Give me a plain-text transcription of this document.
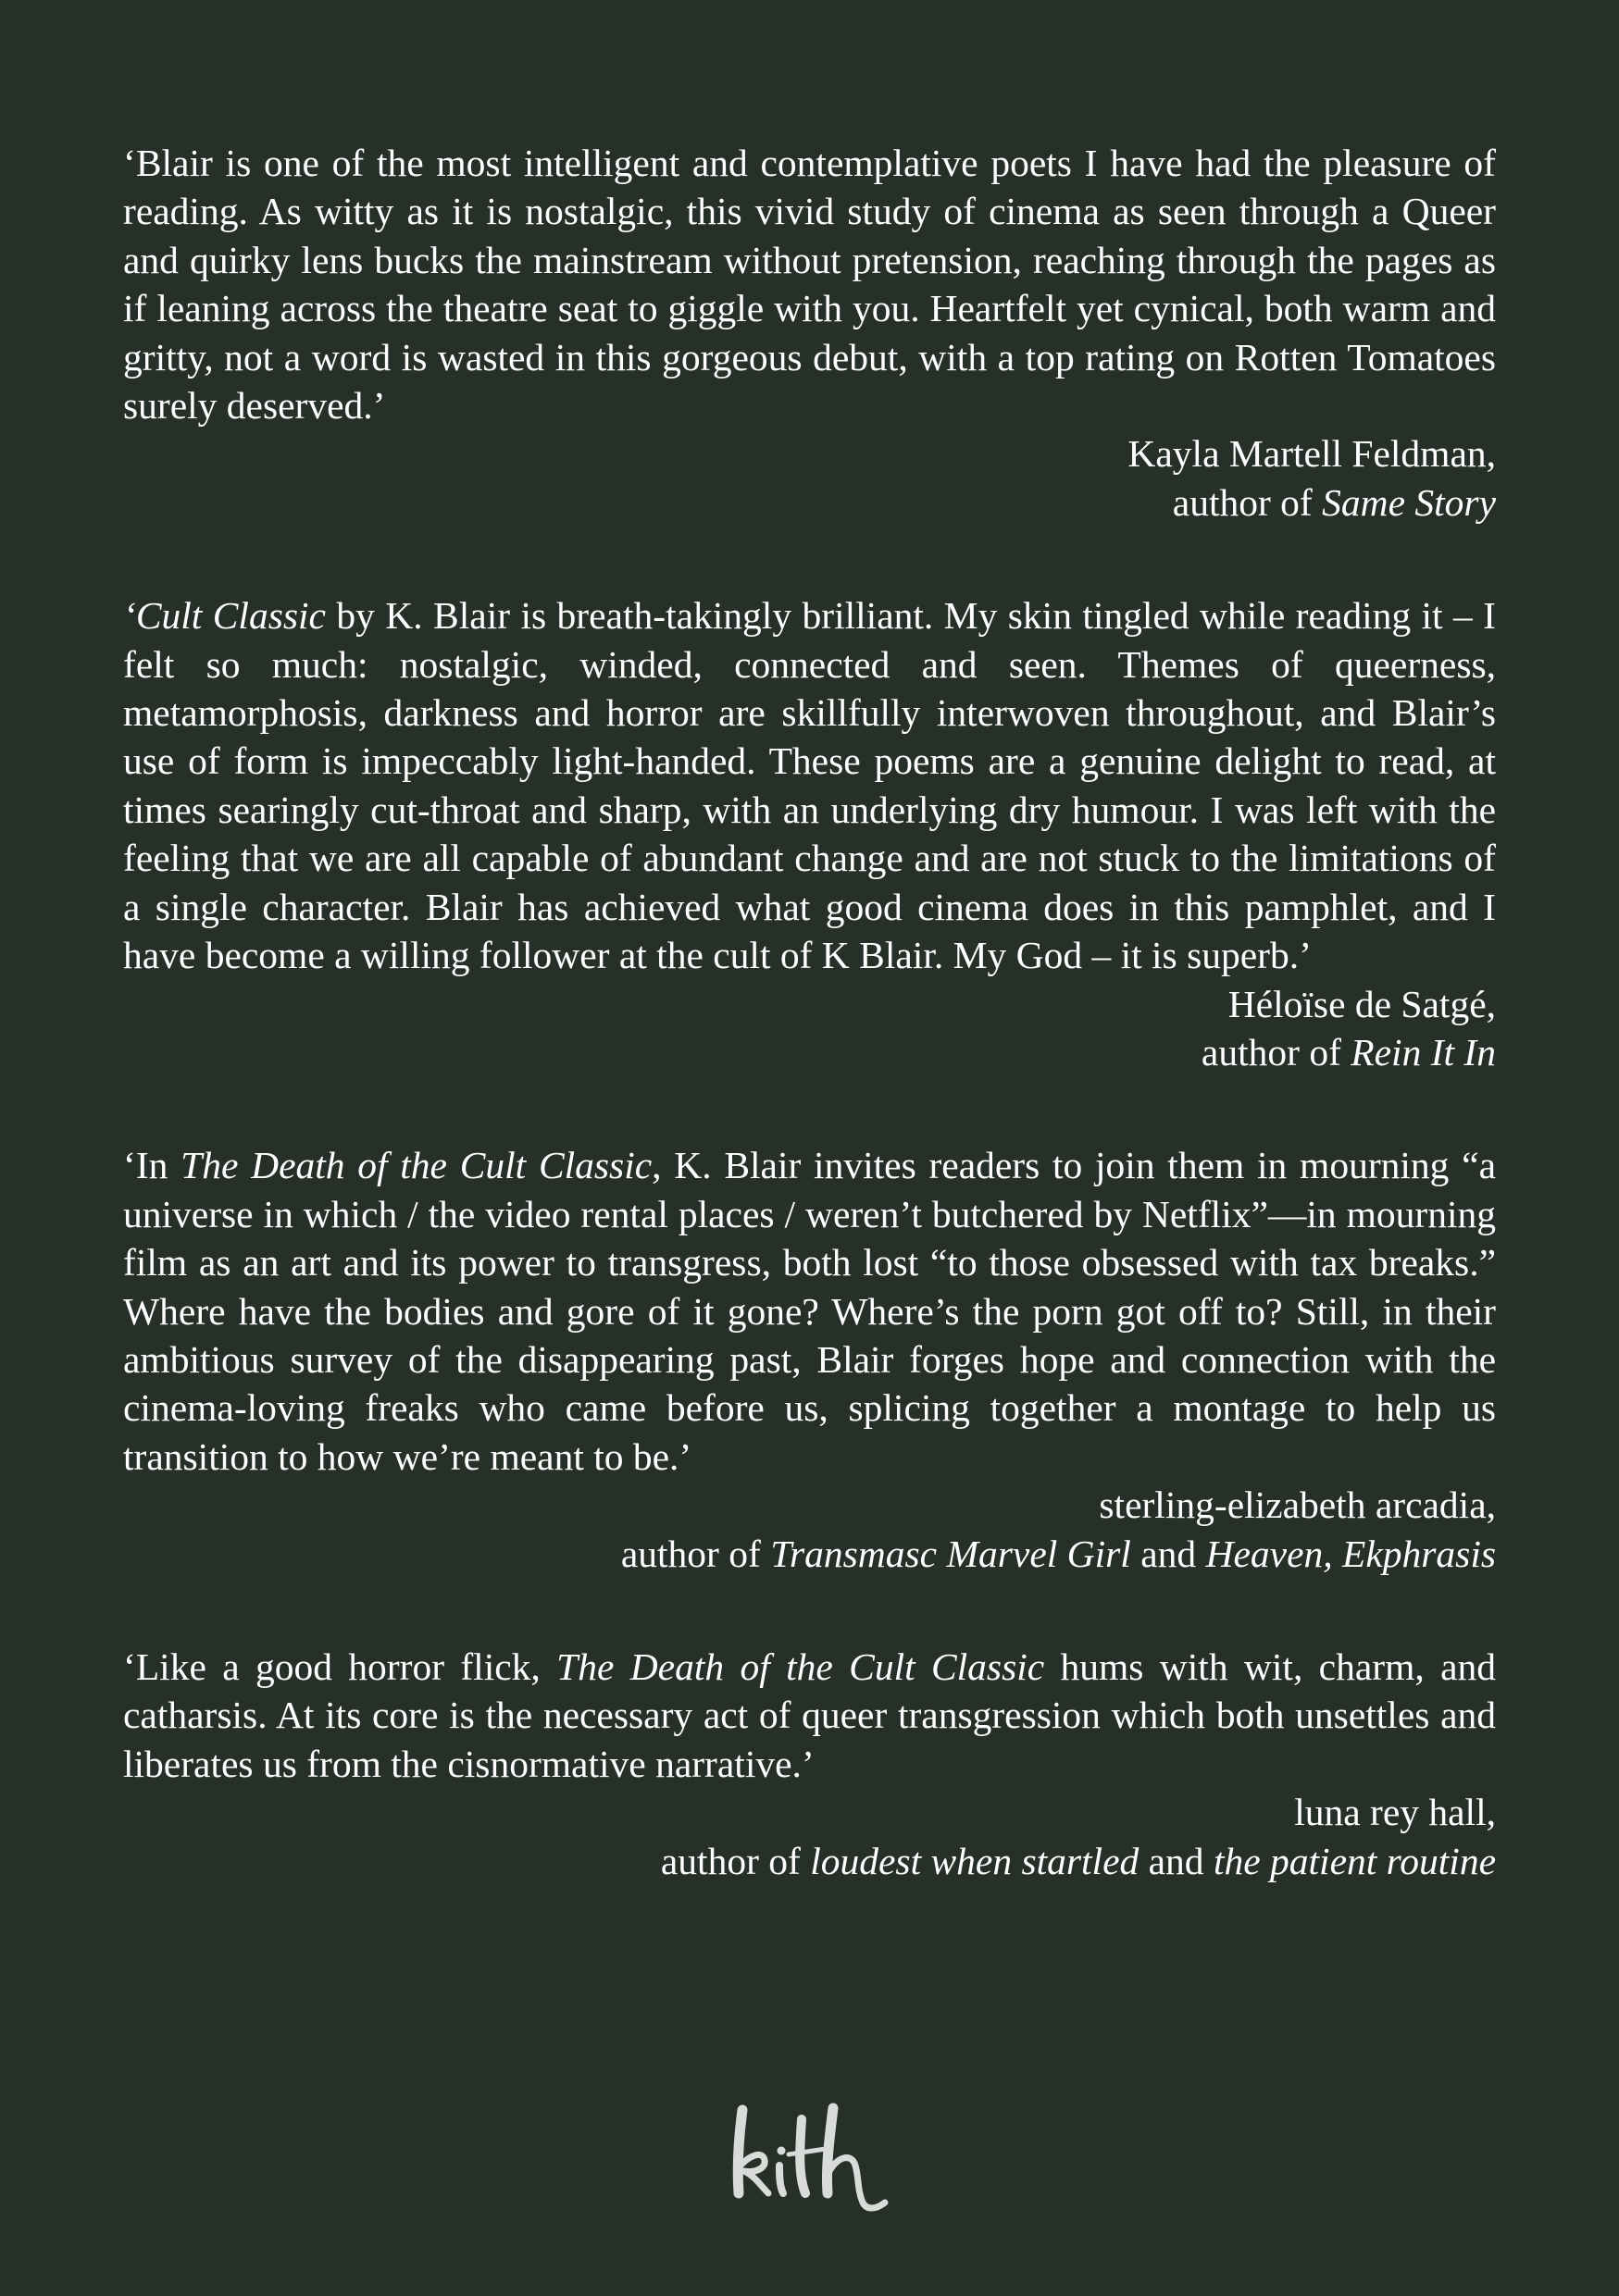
‘Blair is one of the most intelligent and contemplative poets I have had the pleasure of reading. As witty as it is nostalgic, this vivid study of cinema as seen through a Queer and quirky lens bucks the mainstream without pretension, reaching through the pages as if leaning across the theatre seat to giggle with you. Heartfelt yet cynical, both warm and gritty, not a word is wasted in this gorgeous debut, with a top rating on Rotten Tomatoes surely deserved.’

Kayla Martell Feldman,

author of Same Story

‘Cult Classic by K. Blair is breath-takingly brilliant. My skin tingled while reading it – I felt so much: nostalgic, winded, connected and seen. Themes of queerness, metamorphosis, darkness and horror are skillfully interwoven throughout, and Blair’s use of form is impeccably light-handed. These poems are a genuine delight to read, at times searingly cut-throat and sharp, with an underlying dry humour. I was left with the feeling that we are all capable of abundant change and are not stuck to the limitations of a single character. Blair has achieved what good cinema does in this pamphlet, and I have become a willing follower at the cult of K Blair. My God – it is superb.’

Héloïse de Satgé,

author of Rein It In

‘In The Death of the Cult Classic, K. Blair invites readers to join them in mourning “a universe in which / the video rental places / weren’t butchered by Netflix”—in mourning film as an art and its power to transgress, both lost “to those obsessed with tax breaks.” Where have the bodies and gore of it gone? Where’s the porn got off to? Still, in their ambitious survey of the disappearing past, Blair forges hope and connection with the cinema-loving freaks who came before us, splicing together a montage to help us transition to how we’re meant to be.’

sterling-elizabeth arcadia,

author of Transmasc Marvel Girl and Heaven, Ekphrasis

‘Like a good horror flick, The Death of the Cult Classic hums with wit, charm, and catharsis. At its core is the necessary act of queer transgression which both unsettles and liberates us from the cisnormative narrative.’

luna rey hall,

author of loudest when startled and the patient routine
